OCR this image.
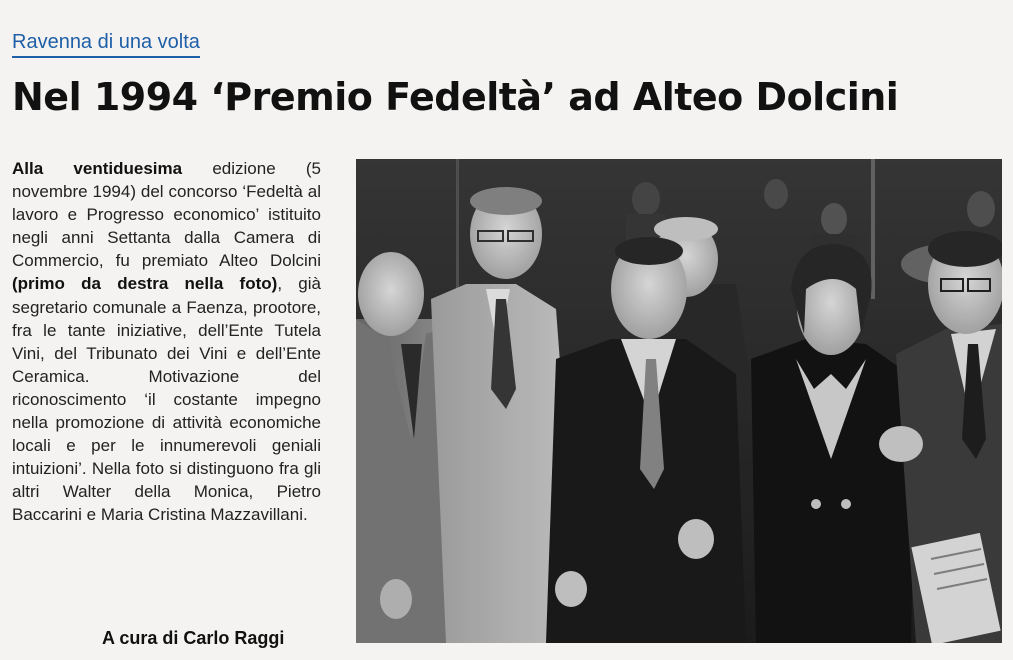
Ravenna di una volta
Nel 1994 ‘Premio Fedeltà’ ad Alteo Dolcini
Alla ventiduesima edizione (5 novembre 1994) del concorso ‘Fedeltà al lavoro e Progresso economico’ istituito negli anni Settanta dalla Camera di Commercio, fu premiato Alteo Dolcini (primo da destra nella foto), già segretario comunale a Faenza, prootore, fra le tante iniziative, dell’Ente Tutela Vini, del Tribunato dei Vini e dell’Ente Ceramica. Motivazione del riconoscimento ‘il costante impegno nella promozione di attività economiche locali e per le innumerevoli geniali intuizioni’. Nella foto si distinguono fra gli altri Walter della Monica, Pietro Baccarini e Maria Cristina Mazzavillani.
A cura di Carlo Raggi
